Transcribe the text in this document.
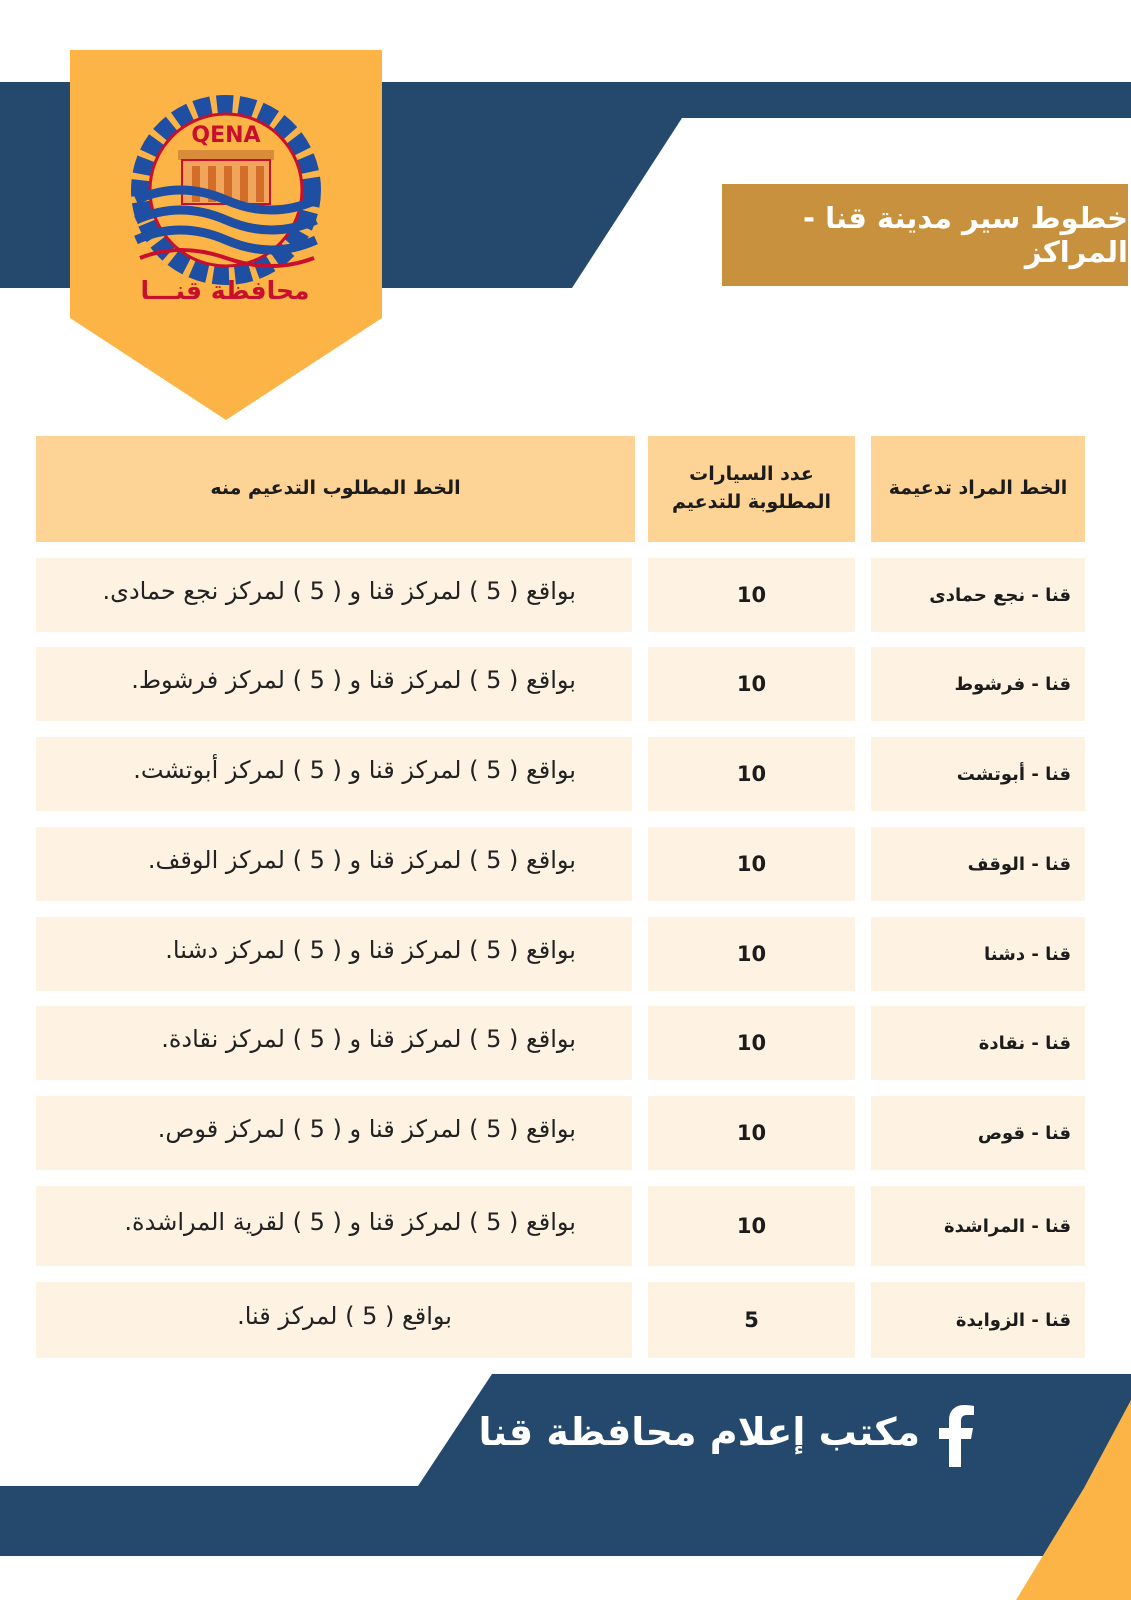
QENA
محافظة قنـــا
خطوط سير مدينة قنا - المراكز
الخط المراد تدعيمة
عدد السيارات المطلوبة للتدعيم
الخط المطلوب التدعيم منه
قنا - نجع حمادى
10
بواقع ( 5 ) لمركز قنا و ( 5 ) لمركز نجع حمادى.
قنا - فرشوط
10
بواقع ( 5 ) لمركز قنا و ( 5 ) لمركز فرشوط.
قنا - أبوتشت
10
بواقع ( 5 ) لمركز قنا و ( 5 ) لمركز أبوتشت.
قنا - الوقف
10
بواقع ( 5 ) لمركز قنا و ( 5 ) لمركز الوقف.
قنا - دشنا
10
بواقع ( 5 ) لمركز قنا و ( 5 ) لمركز دشنا.
قنا - نقادة
10
بواقع ( 5 ) لمركز قنا و ( 5 ) لمركز نقادة.
قنا - قوص
10
بواقع ( 5 ) لمركز قنا و ( 5 ) لمركز قوص.
قنا - المراشدة
10
بواقع ( 5 ) لمركز قنا و ( 5 ) لقرية المراشدة.
قنا - الزوايدة
5
بواقع ( 5 ) لمركز قنا.
مكتب إعلام محافظة قنا
